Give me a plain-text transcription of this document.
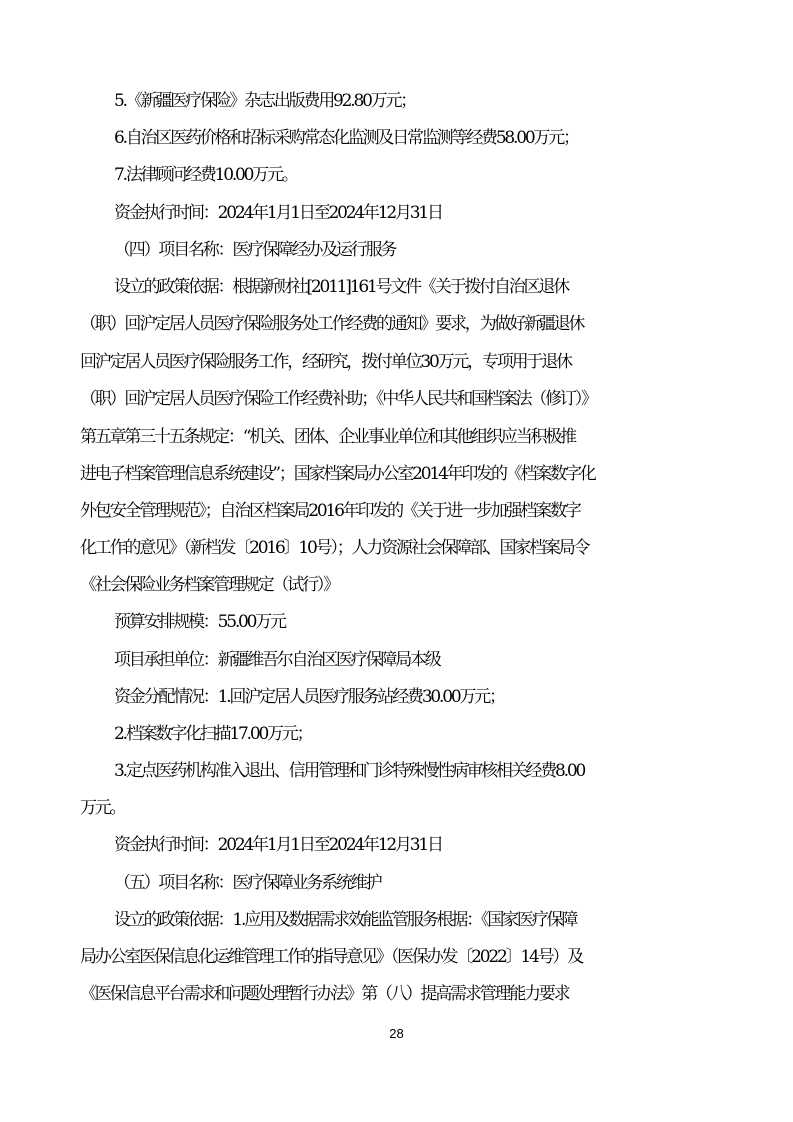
5.《新疆医疗保险》杂志出版费用92.80万元；
6.自治区医药价格和招标采购常态化监测及日常监测等经费58.00万元；
7.法律顾问经费10.00万元。
资金执行时间：2024年1月1日至2024年12月31日
（四）项目名称：医疗保障经办及运行服务
设立的政策依据：根据新财社[2011]161号文件《关于拨付自治区退休
（职）回沪定居人员医疗保险服务处工作经费的通知》要求，为做好新疆退休
回沪定居人员医疗保险服务工作，经研究，拨付单位30万元，专项用于退休
（职）回沪定居人员医疗保险工作经费补助；《中华人民共和国档案法（修订）》
第五章第三十五条规定：“机关、团体、企业事业单位和其他组织应当积极推
进电子档案管理信息系统建设”；国家档案局办公室2014年印发的《档案数字化
外包安全管理规范》；自治区档案局2016年印发的《关于进一步加强档案数字
化工作的意见》（新档发〔2016〕10号）；人力资源社会保障部、国家档案局令
《社会保险业务档案管理规定（试行）》
预算安排规模：55.00万元
项目承担单位：新疆维吾尔自治区医疗保障局本级
资金分配情况：1.回沪定居人员医疗服务站经费30.00万元；
2.档案数字化扫描17.00万元；
3.定点医药机构准入退出、信用管理和门诊特殊慢性病审核相关经费8.00
万元。
资金执行时间：2024年1月1日至2024年12月31日
（五）项目名称：医疗保障业务系统维护
设立的政策依据：1.应用及数据需求效能监管服务根据：《国家医疗保障
局办公室医保信息化运维管理工作的指导意见》（医保办发〔2022〕14号）及
《医保信息平台需求和问题处理暂行办法》第（八）提高需求管理能力要求
28
